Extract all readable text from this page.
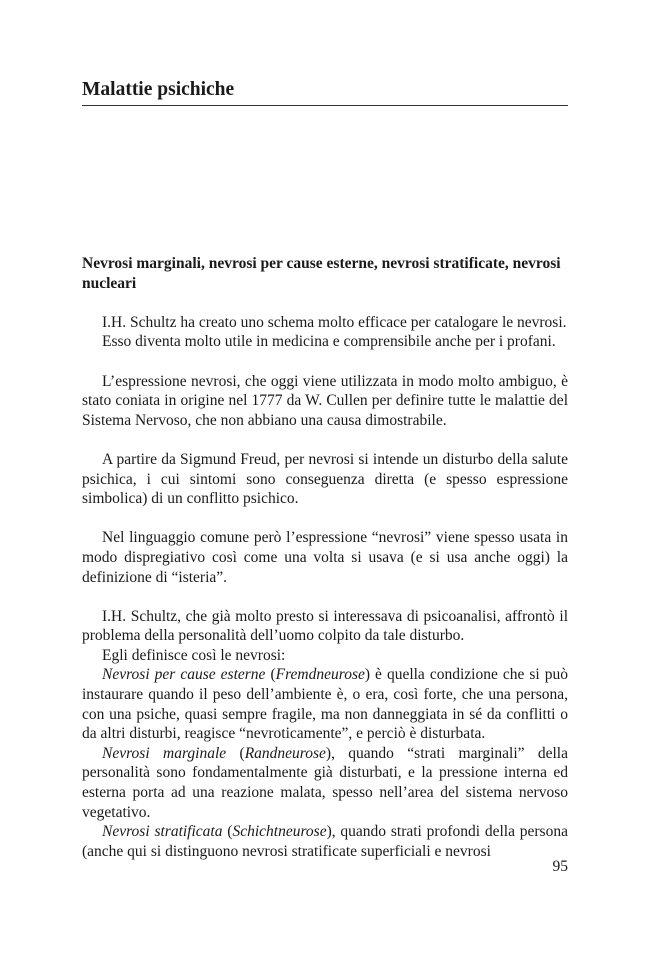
Malattie psichiche
Nevrosi marginali, nevrosi per cause esterne, nevrosi stratificate, nevrosi nucleari

I.H. Schultz ha creato uno schema molto efficace per catalogare le nevrosi.

Esso diventa molto utile in medicina e comprensibile anche per i profani.

L’espressione nevrosi, che oggi viene utilizzata in modo molto ambiguo, è stato coniata in origine nel 1777 da W. Cullen per definire tutte le malattie del Sistema Nervoso, che non abbiano una causa dimostrabile.

A partire da Sigmund Freud, per nevrosi si intende un disturbo della salute psichica, i cui sintomi sono conseguenza diretta (e spesso espressione simbolica) di un conflitto psichico.

Nel linguaggio comune però l’espressione “nevrosi” viene spesso usata in modo dispregiativo così come una volta si usava (e si usa anche oggi) la definizione di “isteria”.

I.H. Schultz, che già molto presto si interessava di psicoanalisi, affrontò il problema della personalità dell’uomo colpito da tale disturbo.

Egli definisce così le nevrosi:

Nevrosi per cause esterne (Fremdneurose) è quella condizione che si può instaurare quando il peso dell’ambiente è, o era, così forte, che una persona, con una psiche, quasi sempre fragile, ma non danneggiata in sé da conflitti o da altri disturbi, reagisce “nevroticamente”, e perciò è disturbata.

Nevrosi marginale (Randneurose), quando “strati marginali” della personalità sono fondamentalmente già disturbati, e la pressione interna ed esterna porta ad una reazione malata, spesso nell’area del sistema nervoso vegetativo.

Nevrosi stratificata (Schichtneurose), quando strati profondi della persona (anche qui si distinguono nevrosi stratificate superficiali e nevrosi

95
